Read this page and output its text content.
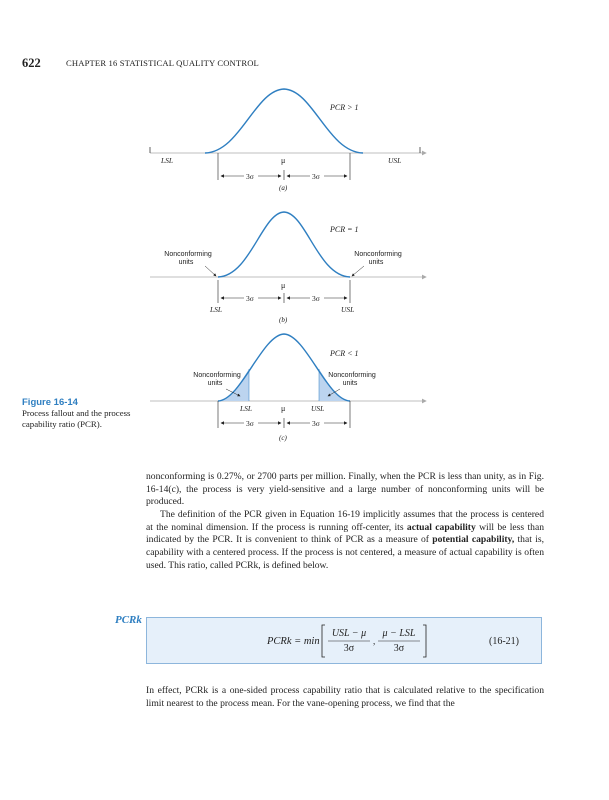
622	CHAPTER 16 STATISTICAL QUALITY CONTROL
PCR > 1
LSL	USL
μ
3σ	3σ
(a)
PCR = 1
Nonconforming units
Nonconforming units
μ
3σ	3σ
LSL	USL
(b)
PCR < 1
Nonconforming units
Nonconforming units
LSL	μ	USL
3σ	3σ
(c)
Figure 16-14
Process fallout and the process capability ratio (PCR).

nonconforming is 0.27%, or 2700 parts per million. Finally, when the PCR is less than unity, as in Fig. 16-14(c), the process is very yield-sensitive and a large number of nonconforming units will be produced.

The definition of the PCR given in Equation 16-19 implicitly assumes that the process is centered at the nominal dimension. If the process is running off-center, its actual capability will be less than indicated by the PCR. It is convenient to think of PCR as a measure of potential capability, that is, capability with a centered process. If the process is not centered, a measure of actual capability is often used. This ratio, called PCRk, is defined below.

PCRk
PCRk = min	,
USL − μ	μ − LSL
3σ	3σ
(16-21)

In effect, PCRk is a one-sided process capability ratio that is calculated relative to the specification limit nearest to the process mean. For the vane-opening process, we find that the
